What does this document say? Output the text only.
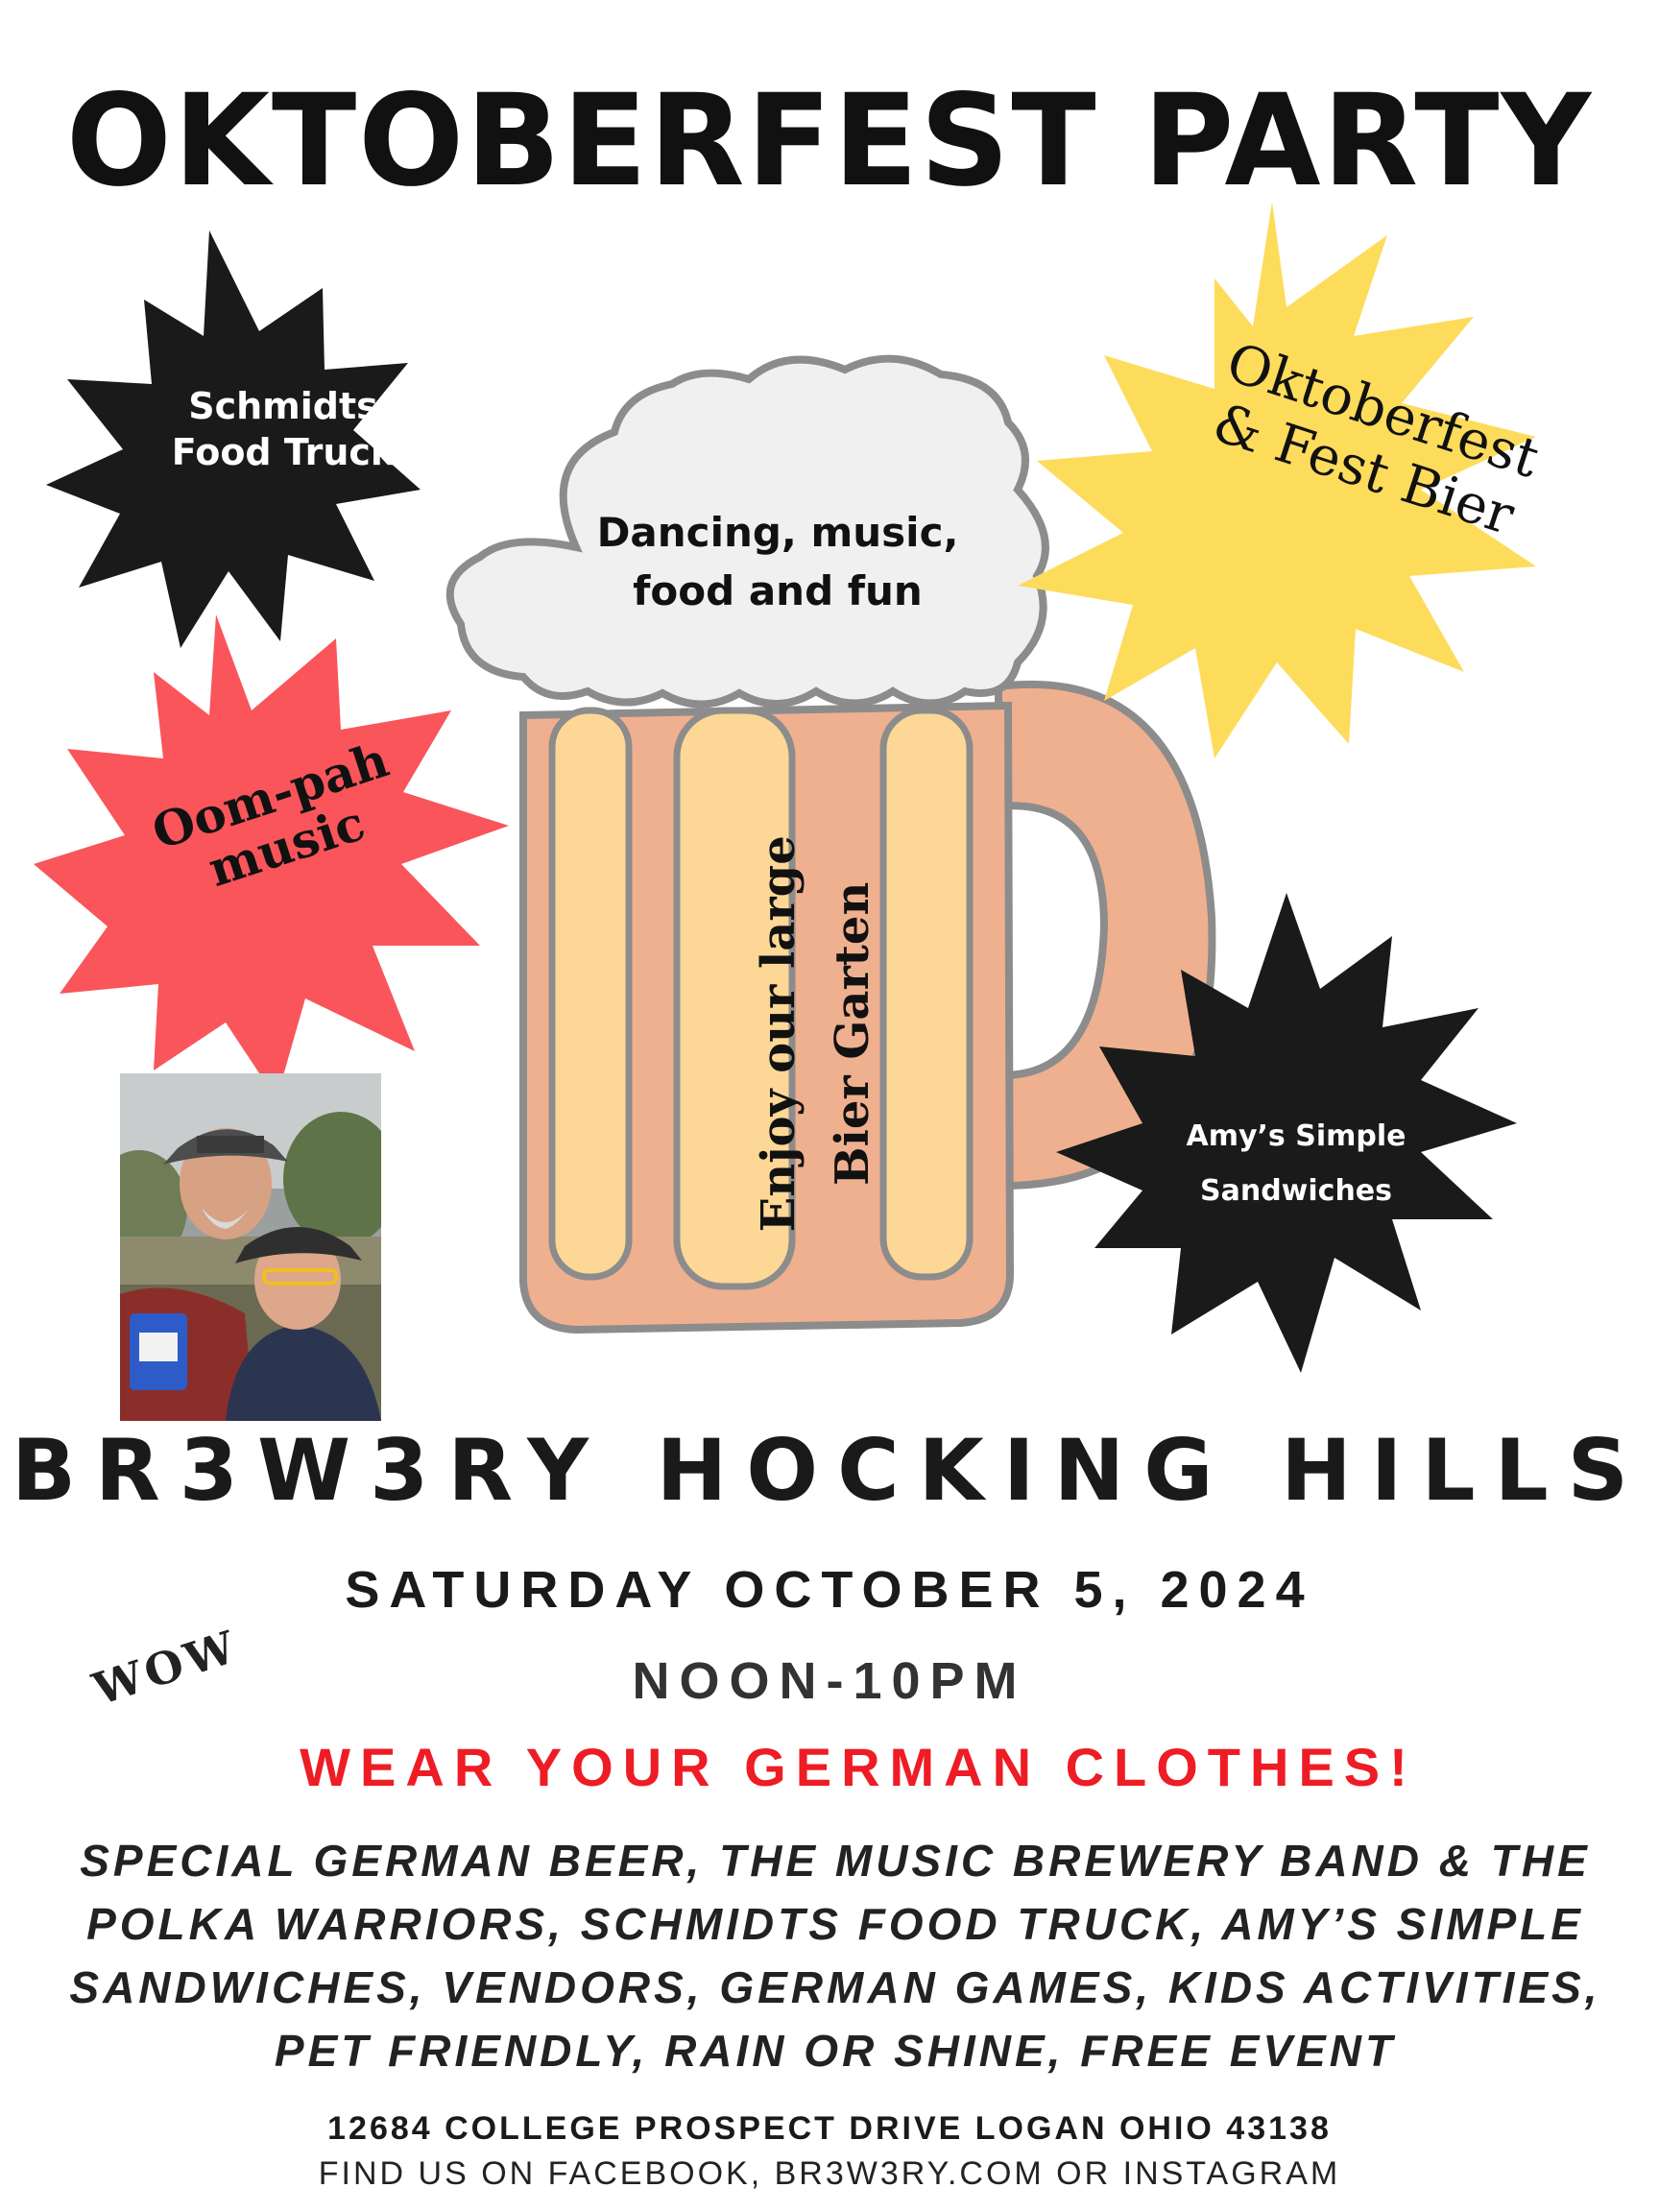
OKTOBERFEST PARTY
Schmidts
Food Truck	Oktoberfest
& Fest Bier
Oom-pah
music
Amy’s Simple
Sandwiches
Dancing, music,
food and fun
Enjoy our large
Bier Garten
BR3W3RY HOCKING HILLS
SATURDAY OCTOBER 5, 2024
NOON-10PM
WOW
WEAR YOUR GERMAN CLOTHES!
SPECIAL GERMAN BEER, THE MUSIC BREWERY BAND & THE POLKA WARRIORS, SCHMIDTS FOOD TRUCK, AMY’S SIMPLE SANDWICHES, VENDORS, GERMAN GAMES, KIDS ACTIVITIES, PET FRIENDLY, RAIN OR SHINE, FREE EVENT
12684 COLLEGE PROSPECT DRIVE LOGAN OHIO 43138
FIND US ON FACEBOOK, BR3W3RY.COM OR INSTAGRAM
